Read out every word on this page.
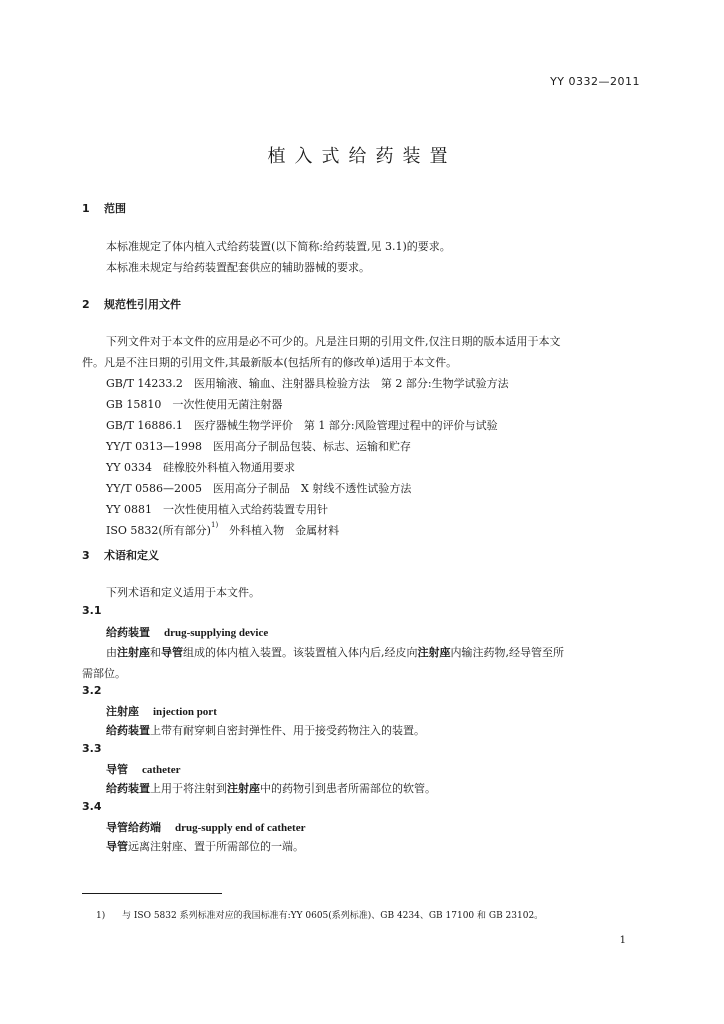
YY 0332—2011
植入式给药装置
1 范围
本标准规定了体内植入式给药装置(以下简称:给药装置,见 3.1)的要求。
本标准未规定与给药装置配套供应的辅助器械的要求。
2 规范性引用文件
下列文件对于本文件的应用是必不可少的。凡是注日期的引用文件,仅注日期的版本适用于本文
件。凡是不注日期的引用文件,其最新版本(包括所有的修改单)适用于本文件。
GB/T 14233.2　医用输液、输血、注射器具检验方法　第 2 部分:生物学试验方法
GB 15810　一次性使用无菌注射器
GB/T 16886.1　医疗器械生物学评价　第 1 部分:风险管理过程中的评价与试验
YY/T 0313—1998　医用高分子制品包装、标志、运输和贮存
YY 0334　硅橡胶外科植入物通用要求
YY/T 0586—2005　医用高分子制品　X 射线不透性试验方法
YY 0881　一次性使用植入式给药装置专用针
ISO 5832(所有部分)$^{1)}$　外科植入物　金属材料
3 术语和定义
下列术语和定义适用于本文件。
3.1
给药装置 drug-supplying device
由注射座和导管组成的体内植入装置。该装置植入体内后,经皮向注射座内输注药物,经导管至所
需部位。
3.2
注射座 injection port
给药装置上带有耐穿刺自密封弹性件、用于接受药物注入的装置。
3.3
导管 catheter
给药装置上用于将注射到注射座中的药物引到患者所需部位的软管。
3.4
导管给药端 drug-supply end of catheter
导管远离注射座、置于所需部位的一端。
1) 与 ISO 5832 系列标准对应的我国标准有:YY 0605(系列标准)、GB 4234、GB 17100 和 GB 23102。
1
